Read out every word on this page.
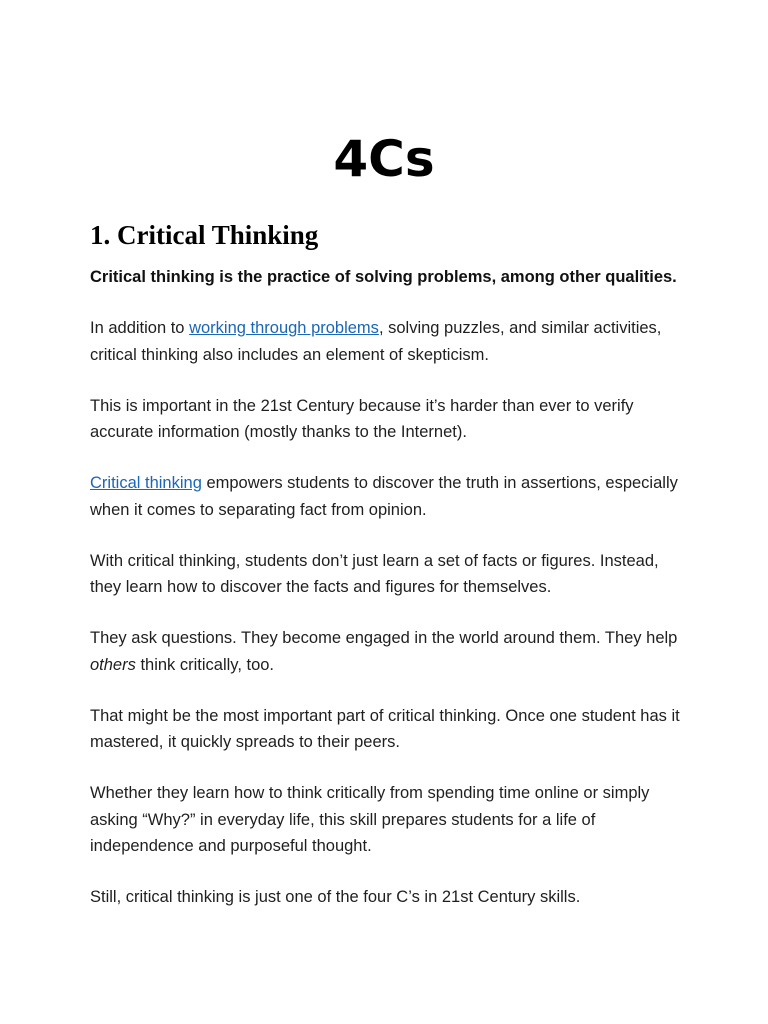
4Cs
1. Critical Thinking

Critical thinking is the practice of solving problems, among other qualities.

In addition to working through problems, solving puzzles, and similar activities, critical thinking also includes an element of skepticism.

This is important in the 21st Century because it’s harder than ever to verify accurate information (mostly thanks to the Internet).

Critical thinking empowers students to discover the truth in assertions, especially when it comes to separating fact from opinion.

With critical thinking, students don’t just learn a set of facts or figures. Instead, they learn how to discover the facts and figures for themselves.

They ask questions. They become engaged in the world around them. They help others think critically, too.

That might be the most important part of critical thinking. Once one student has it mastered, it quickly spreads to their peers.

Whether they learn how to think critically from spending time online or simply asking “Why?” in everyday life, this skill prepares students for a life of independence and purposeful thought.

Still, critical thinking is just one of the four C’s in 21st Century skills.
